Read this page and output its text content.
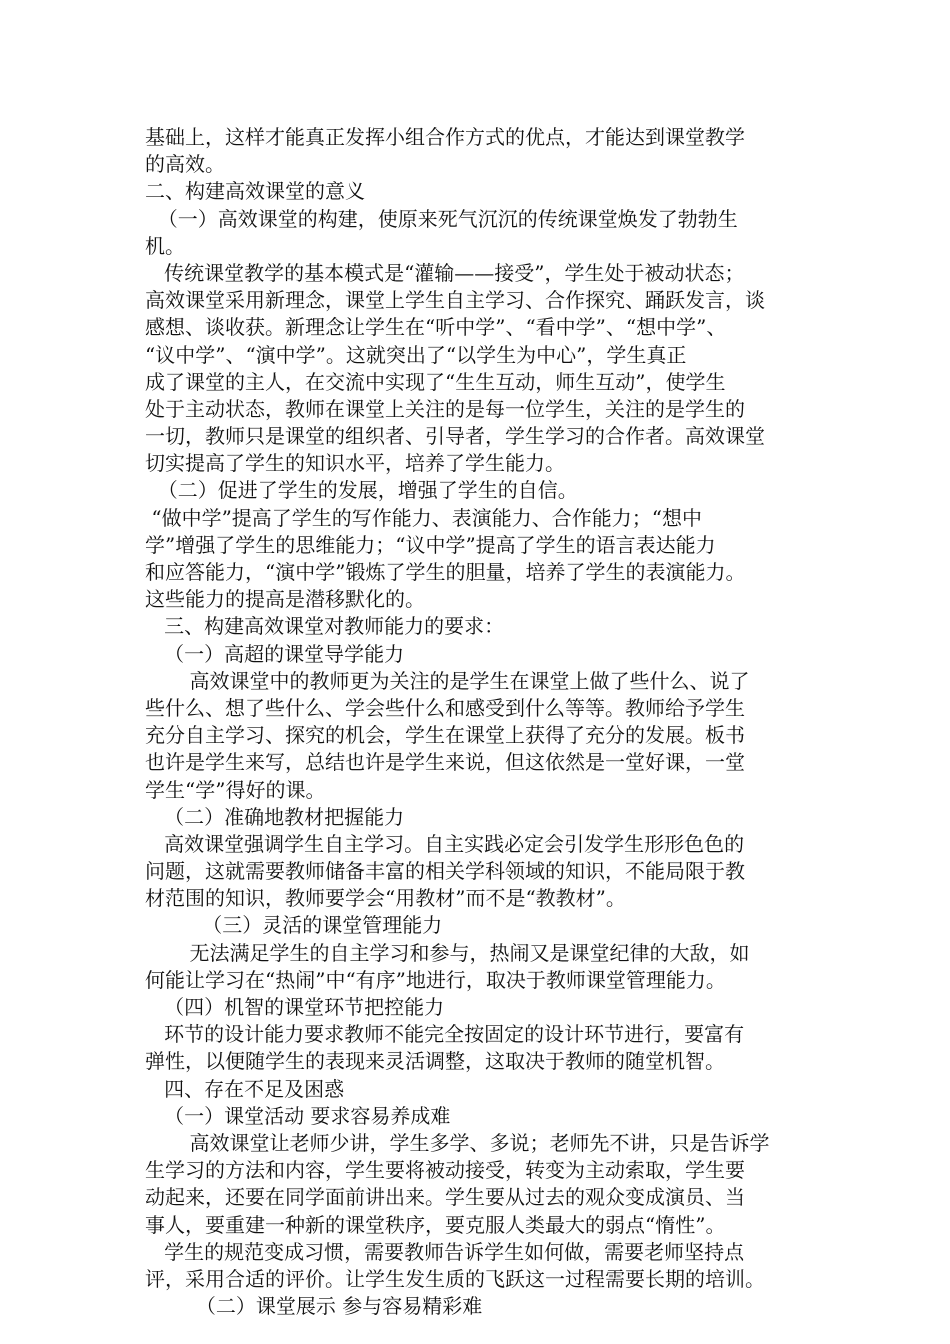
基础上，这样才能真正发挥小组合作方式的优点，才能达到课堂教学
的高效。
二、构建高效课堂的意义
（一）高效课堂的构建，使原来死气沉沉的传统课堂焕发了勃勃生
机。
传统课堂教学的基本模式是“灌输——接受”，学生处于被动状态；
高效课堂采用新理念，课堂上学生自主学习、合作探究、踊跃发言，谈
感想、谈收获。新理念让学生在“听中学”、“看中学”、“想中学”、
“议中学”、“演中学”。这就突出了“以学生为中心”，学生真正
成了课堂的主人，在交流中实现了“生生互动，师生互动”，使学生
处于主动状态，教师在课堂上关注的是每一位学生，关注的是学生的
一切，教师只是课堂的组织者、引导者，学生学习的合作者。高效课堂
切实提高了学生的知识水平，培养了学生能力。
（二）促进了学生的发展，增强了学生的自信。
“做中学”提高了学生的写作能力、表演能力、合作能力；“想中
学”增强了学生的思维能力；“议中学”提高了学生的语言表达能力
和应答能力，“演中学”锻炼了学生的胆量，培养了学生的表演能力。
这些能力的提高是潜移默化的。
三、构建高效课堂对教师能力的要求：
（一）高超的课堂导学能力
高效课堂中的教师更为关注的是学生在课堂上做了些什么、说了
些什么、想了些什么、学会些什么和感受到什么等等。教师给予学生
充分自主学习、探究的机会，学生在课堂上获得了充分的发展。板书
也许是学生来写，总结也许是学生来说，但这依然是一堂好课，一堂
学生“学”得好的课。
（二）准确地教材把握能力
高效课堂强调学生自主学习。自主实践必定会引发学生形形色色的
问题，这就需要教师储备丰富的相关学科领域的知识，不能局限于教
材范围的知识，教师要学会“用教材”而不是“教教材”。
（三）灵活的课堂管理能力
无法满足学生的自主学习和参与，热闹又是课堂纪律的大敌，如
何能让学习在“热闹”中“有序”地进行，取决于教师课堂管理能力。
（四）机智的课堂环节把控能力
环节的设计能力要求教师不能完全按固定的设计环节进行，要富有
弹性，以便随学生的表现来灵活调整，这取决于教师的随堂机智。
四、存在不足及困惑
（一）课堂活动 要求容易养成难
高效课堂让老师少讲，学生多学、多说；老师先不讲，只是告诉学
生学习的方法和内容，学生要将被动接受，转变为主动索取，学生要
动起来，还要在同学面前讲出来。学生要从过去的观众变成演员、当
事人，要重建一种新的课堂秩序，要克服人类最大的弱点“惰性”。
学生的规范变成习惯，需要教师告诉学生如何做，需要老师坚持点
评，采用合适的评价。让学生发生质的飞跃这一过程需要长期的培训。
（二）课堂展示 参与容易精彩难
